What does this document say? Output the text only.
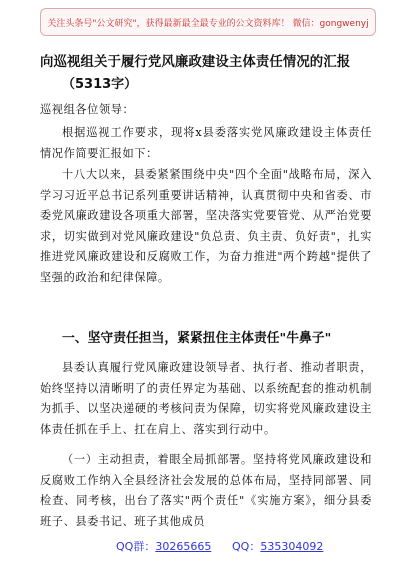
关注头条号"公文研究"，获得最新最全最专业的公文资料库！ 微信：gongwenyj
向巡视组关于履行党风廉政建设主体责任情况的汇报
（5313字）
巡视组各位领导：
根据巡视工作要求，现将x县委落实党风廉政建设主体责任情况作简要汇报如下：
十八大以来，县委紧紧围绕中央"四个全面"战略布局，深入学习习近平总书记系列重要讲话精神，认真贯彻中央和省委、市委党风廉政建设各项重大部署，坚决落实党要管党、从严治党要求，切实做到对党风廉政建设"负总责、负主责、负好责"，扎实推进党风廉政建设和反腐败工作，为奋力推进"两个跨越"提供了坚强的政治和纪律保障。
一、坚守责任担当，紧紧扭住主体责任"牛鼻子"
县委认真履行党风廉政建设领导者、执行者、推动者职责，始终坚持以清晰明了的责任界定为基础、以系统配套的推动机制为抓手、以坚决递硬的考核问责为保障，切实将党风廉政建设主体责任抓在手上、扛在肩上、落实到行动中。
（一）主动担责，着眼全局抓部署。坚持将党风廉政建设和反腐败工作纳入全县经济社会发展的总体布局，坚持同部署、同检查、同考核，出台了落实"两个责任"《实施方案》，细分县委班子、县委书记、班子其他成员
QQ群：30265665 QQ：535304092
